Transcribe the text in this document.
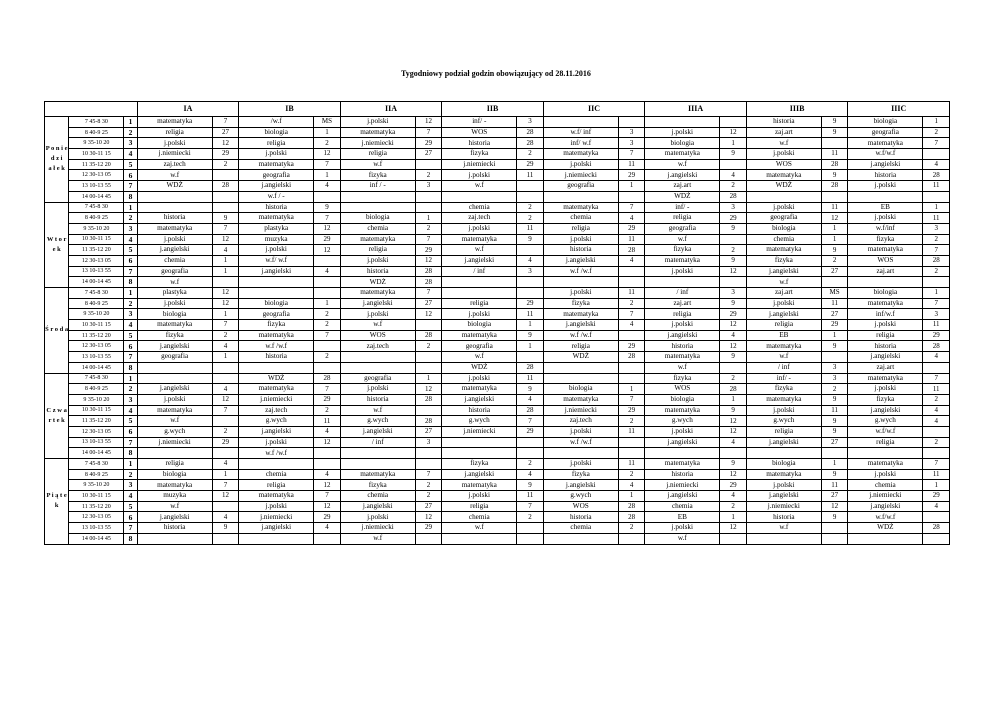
Tygodniowy podział godzin obowiązujący od 28.11.2016
			IA		IB		IIA		IIB		IIC		IIIA		IIIB		IIIC	
P o n i e d z i
a ł e k	7 45-8 30	1	matematyka	7	/w.f	MS	j.polski	12	inf/ -	3					historia	9	biologia	1
	8 40-9 25	2	religia	27	biologia	1	matematyka	7	WOS	28	w.f/ inf	3	j.polski	12	zaj.art	9	geografia	2
	9 35-10 20	3	j.polski	12	religia	2	j.niemiecki	29	historia	28	inf/ w.f	3	biologia	1	w.f		matematyka	7
	10 30-11 15	4	j.niemiecki	29	j.polski	12	religia	27	fizyka	2	matematyka	7	matematyka	9	j.polski	11	w.f/w.f	
	11 35-12 20	5	zaj.tech	2	matematyka	7	w.f		j.niemiecki	29	j.polski	11	w.f		WOS	28	j.angielski	4
	12 30-13 05	6	w.f		geografia	1	fizyka	2	j.polski	11	j.niemiecki	29	j.angielski	4	matematyka	9	historia	28
	13 10-13 55	7	WDŻ	28	j.angielski	4	inf / -	3	w.f		geografia	1	zaj.art	2	WDŻ	28	j.polski	11
	14 00-14 45	8			w.f / -								WDŻ	28				
W t o r e k	7 45-8 30	1			historia	9			chemia	2	matematyka	7	inf/ -	3	j.polski	11	EB	1
	8 40-9 25	2	historia	9	matematyka	7	biologia	1	zaj.tech	2	chemia	4	religia	29	geografia	12	j.polski	11
	9 35-10 20	3	matematyka	7	plastyka	12	chemia	2	j.polski	11	religia	29	geografia	9	biologia	1	w.f/inf	3
	10 30-11 15	4	j.polski	12	muzyka	29	matematyka	7	matematyka	9	j.polski	11	w.f		chemia	1	fizyka	2
	11 35-12 20	5	j.angielski	4	j.polski	12	religia	29	w.f		historia	28	fizyka	2	matematyka	9	matematyka	7
	12 30-13 05	6	chemia	1	w.f/ w.f		j.polski	12	j.angielski	4	j.angielski	4	matematyka	9	fizyka	2	WOS	28
	13 10-13 55	7	geografia	1	j.angielski	4	historia	28	/ inf	3	w.f /w.f		j.polski	12	j.angielski	27	zaj.art	2
	14 00-14 45	8	w.f				WDŻ	28							w.f			
Ś r o d a	7 45-8 30	1	plastyka	12			matematyka	7			j.polski	11	/ inf	3	zaj.art	MS	biologia	1
	8 40-9 25	2	j.polski	12	biologia	1	j.angielski	27	religia	29	fizyka	2	zaj.art	9	j.polski	11	matematyka	7
	9 35-10 20	3	biologia	1	geografia	2	j.polski	12	j.polski	11	matematyka	7	religia	29	j.angielski	27	inf/w.f	3
	10 30-11 15	4	matematyka	7	fizyka	2	w.f		biologia	1	j.angielski	4	j.polski	12	religia	29	j.polski	11
	11 35-12 20	5	fizyka	2	matematyka	7	WOS	28	matematyka	9	w.f /w.f		j.angielski	4	EB	1	religia	29
	12 30-13 05	6	j.angielski	4	w.f /w.f		zaj.tech	2	geografia	1	religia	29	historia	12	matematyka	9	historia	28
	13 10-13 55	7	geografia	1	historia	2			w.f		WDŻ	28	matematyka	9	w.f		j.angielski	4
	14 00-14 45	8							WDŻ	28			w.f		/ inf	3	zaj.art	
C z w a r t e k	7 45-8 30	1			WDŻ	28	geografia	1	j.polski	11			fizyka	2	inf/ -	3	matematyka	7
	8 40-9 25	2	j.angielski	4	matematyka	7	j.polski	12	matematyka	9	biologia	1	WOS	28	fizyka	2	j.polski	11
	9 35-10 20	3	j.polski	12	j.niemiecki	29	historia	28	j.angielski	4	matematyka	7	biologia	1	matematyka	9	fizyka	2
	10 30-11 15	4	matematyka	7	zaj.tech	2	w.f		historia	28	j.niemiecki	29	matematyka	9	j.polski	11	j.angielski	4
	11 35-12 20	5	w.f		g.wych	11	g.wych	28	g.wych	7	zaj.tech	2	g.wych	12	g.wych	9	g.wych	4
	12 30-13 05	6	g.wych	2	j.angielski	4	j.angielski	27	j.niemiecki	29	j.polski	11	j.polski	12	religia	9	w.f/w.f	
	13 10-13 55	7	j.niemiecki	29	j.polski	12	/ inf	3			w.f /w.f		j.angielski	4	j.angielski	27	religia	2
	14 00-14 45	8			w.f /w.f													
P i ą t e k	7 45-8 30	1	religia	4					fizyka	2	j.polski	11	matematyka	9	biologia	1	matematyka	7
	8 40-9 25	2	biologia	1	chemia	4	matematyka	7	j.angielski	4	fizyka	2	historia	12	matematyka	9	j.polski	11
	9 35-10 20	3	matematyka	7	religia	12	fizyka	2	matematyka	9	j.angielski	4	j.niemiecki	29	j.polski	11	chemia	1
	10 30-11 15	4	muzyka	12	matematyka	7	chemia	2	j.polski	11	g.wych	1	j.angielski	4	j.angielski	27	j.niemiecki	29
	11 35-12 20	5	w.f		j.polski	12	j.angielski	27	religia	7	WOS	28	chemia	2	j.niemiecki	12	j.angielski	4
	12 30-13 05	6	j.angielski	4	j.niemiecki	29	j.polski	12	chemia	2	historia	28	EB	1	historia	9	w.f/w.f	
	13 10-13 55	7	historia	9	j.angielski	4	j.niemiecki	29	w.f		chemia	2	j.polski	12	w.f		WDŻ	28
	14 00-14 45	8					w.f						w.f					
